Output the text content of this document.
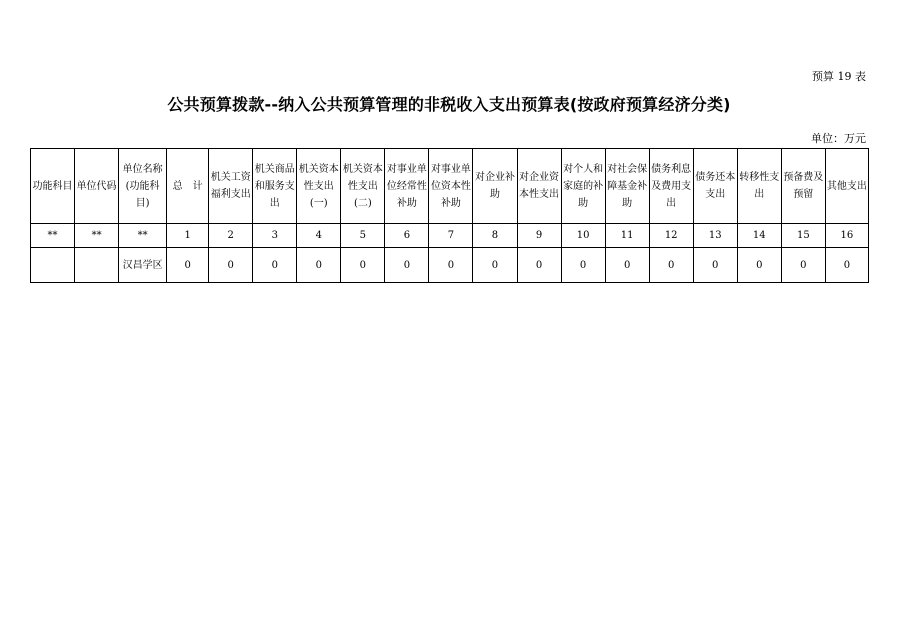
预算 19 表
公共预算拨款--纳入公共预算管理的非税收入支出预算表(按政府预算经济分类)
单位：万元
功能科目	单位代码	单位名称(功能科目)	总　计	机关工资福利支出	机关商品和服务支出	机关资本性支出(一)	机关资本性支出(二)	对事业单位经常性补助	对事业单位资本性补助	对企业补助	对企业资本性支出	对个人和家庭的补助	对社会保障基金补助	债务利息及费用支出	债务还本支出	转移性支出	预备费及预留	其他支出
**	**	**	1	2	3	4	5	6	7	8	9	10	11	12	13	14	15	16
		汉昌学区	0	0	0	0	0	0	0	0	0	0	0	0	0	0	0	0
